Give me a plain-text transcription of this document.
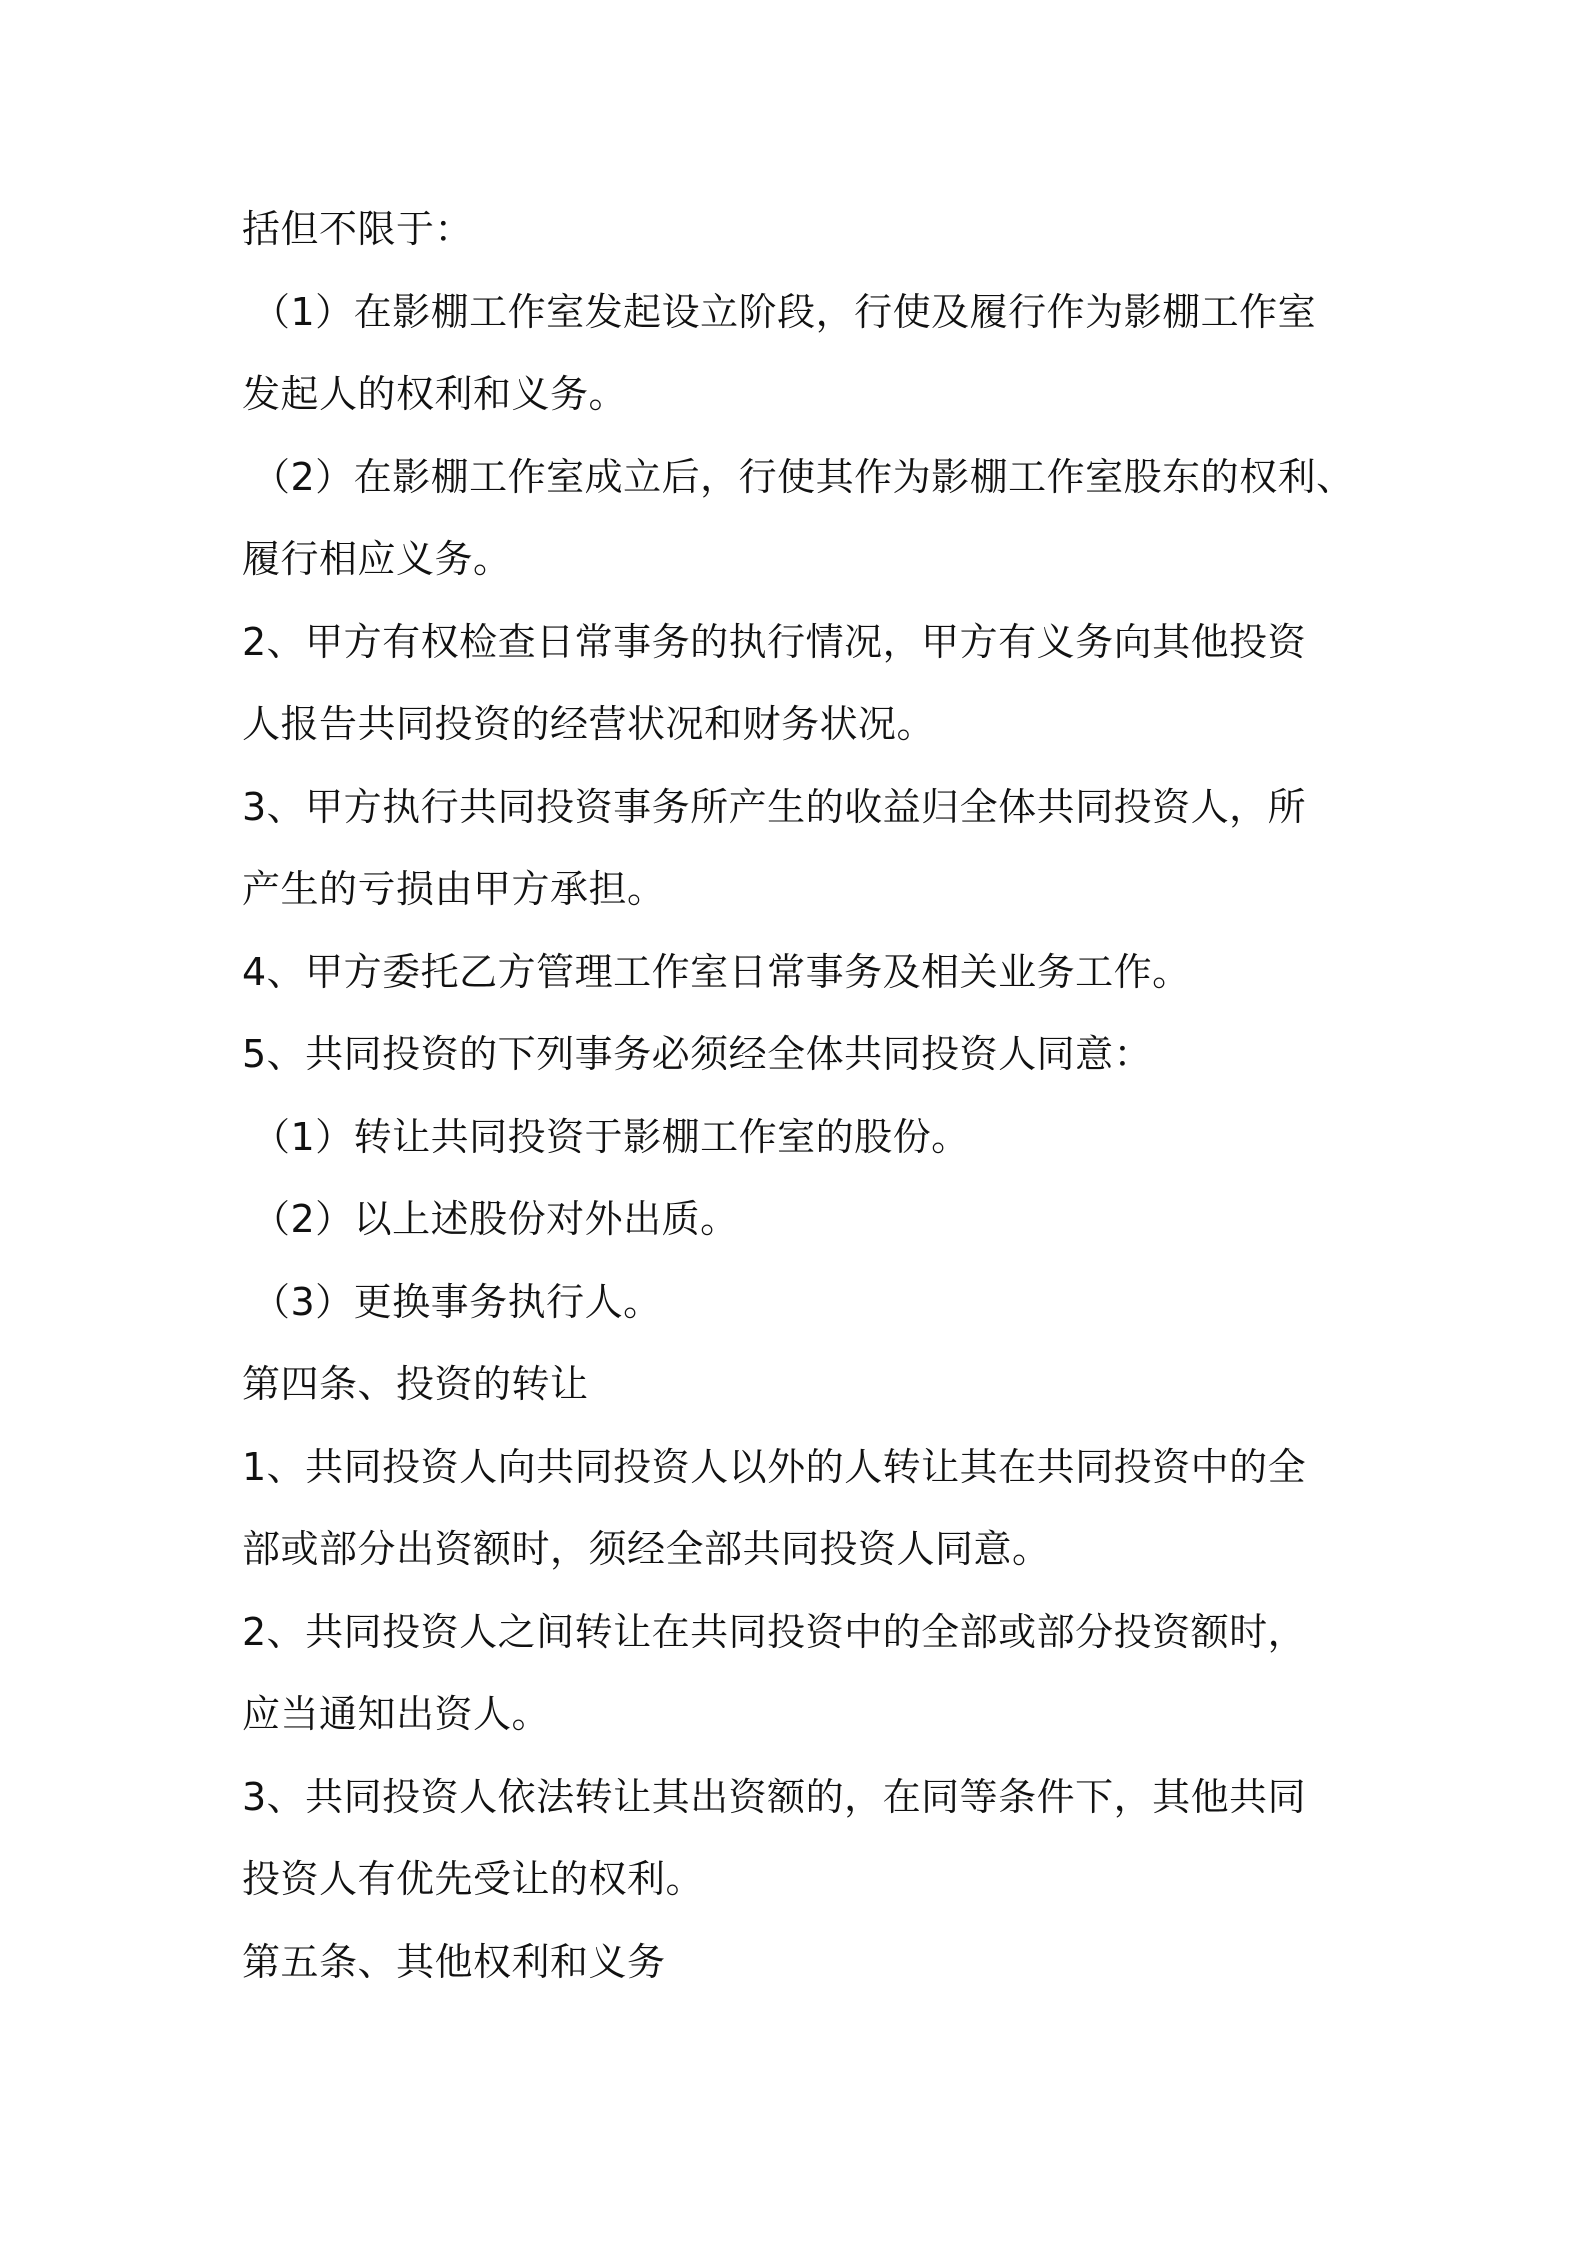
括但不限于：
（1）在影棚工作室发起设立阶段，行使及履行作为影棚工作室
发起人的权利和义务。
（2）在影棚工作室成立后，行使其作为影棚工作室股东的权利、
履行相应义务。
2、甲方有权检查日常事务的执行情况，甲方有义务向其他投资
人报告共同投资的经营状况和财务状况。
3、甲方执行共同投资事务所产生的收益归全体共同投资人，所
产生的亏损由甲方承担。
4、甲方委托乙方管理工作室日常事务及相关业务工作。
5、共同投资的下列事务必须经全体共同投资人同意：
（1）转让共同投资于影棚工作室的股份。
（2）以上述股份对外出质。
（3）更换事务执行人。
第四条、投资的转让
1、共同投资人向共同投资人以外的人转让其在共同投资中的全
部或部分出资额时，须经全部共同投资人同意。
2、共同投资人之间转让在共同投资中的全部或部分投资额时，
应当通知出资人。
3、共同投资人依法转让其出资额的，在同等条件下，其他共同
投资人有优先受让的权利。
第五条、其他权利和义务
